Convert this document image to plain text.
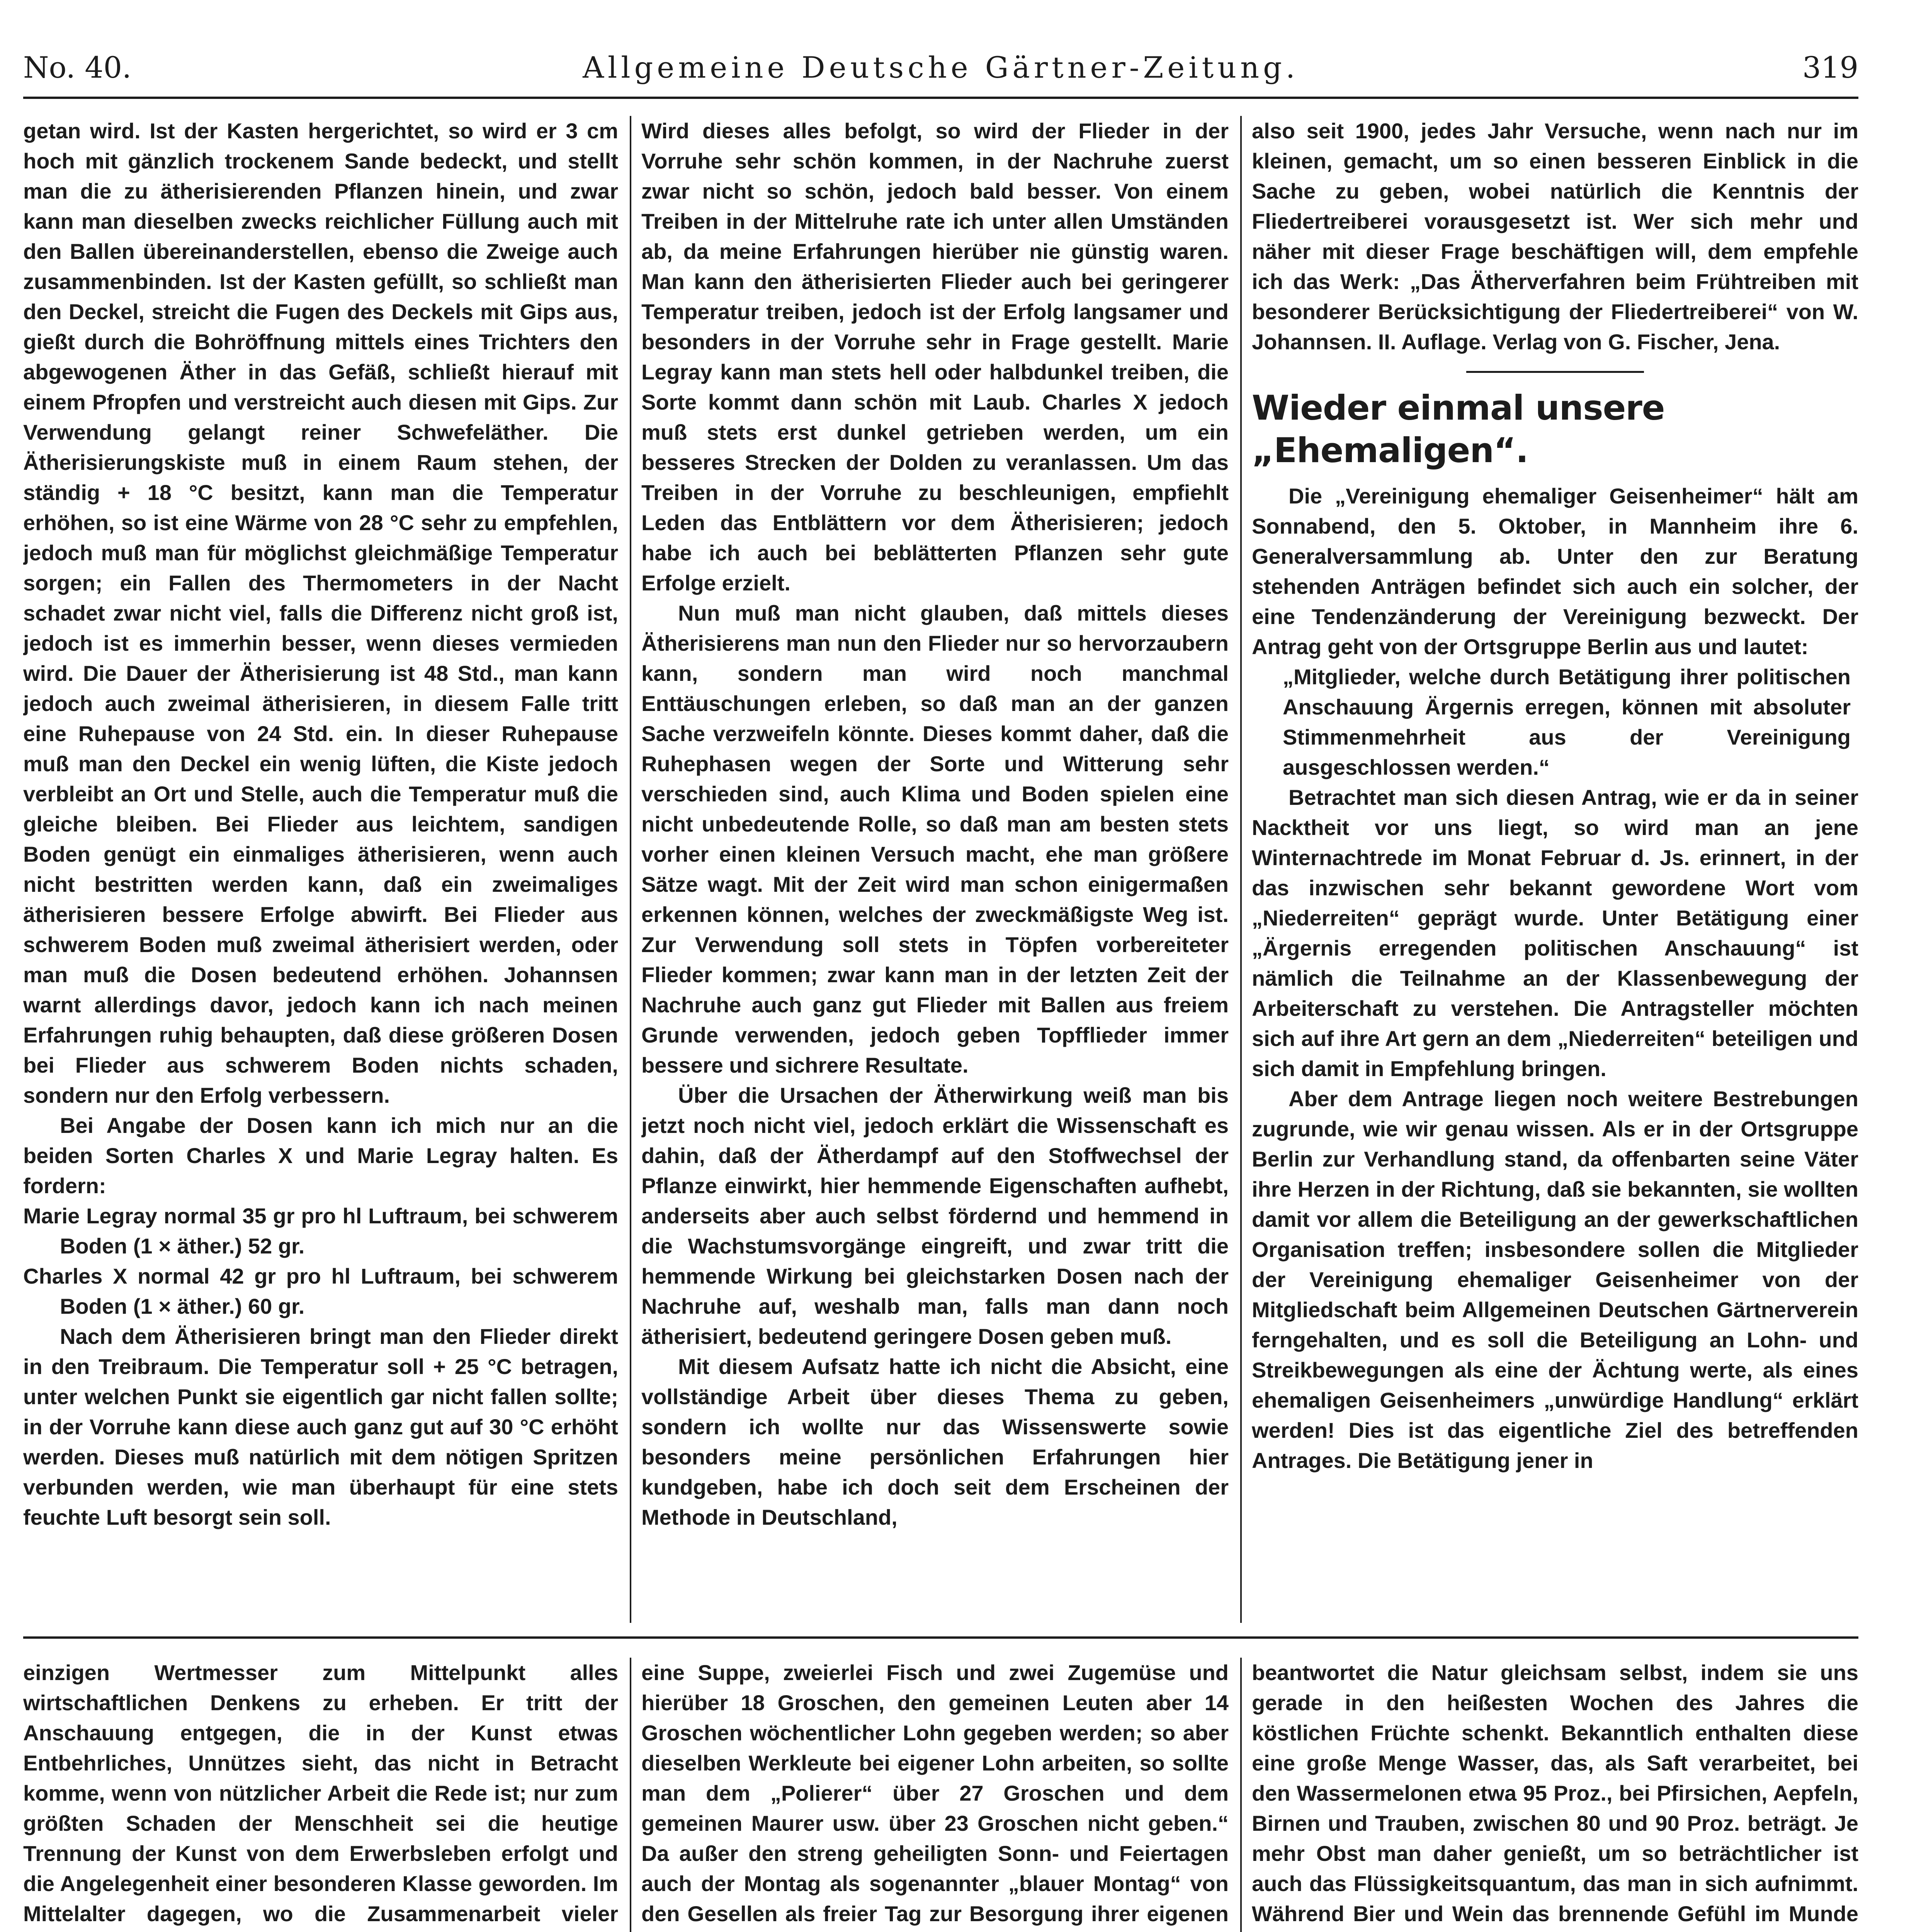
No. 40.	Allgemeine Deutsche Gärtner-Zeitung.	319

getan wird. Ist der Kasten hergerichtet, so wird er 3 cm hoch mit gänzlich trockenem Sande bedeckt, und stellt man die zu ätherisierenden Pflanzen hinein, und zwar kann man dieselben zwecks reichlicher Füllung auch mit den Ballen übereinanderstellen, ebenso die Zweige auch zusammenbinden. Ist der Kasten gefüllt, so schließt man den Deckel, streicht die Fugen des Deckels mit Gips aus, gießt durch die Bohröffnung mittels eines Trichters den abgewogenen Äther in das Gefäß, schließt hierauf mit einem Pfropfen und verstreicht auch diesen mit Gips. Zur Verwendung gelangt reiner Schwefeläther. Die Ätherisierungskiste muß in einem Raum stehen, der ständig + 18 °C besitzt, kann man die Temperatur erhöhen, so ist eine Wärme von 28 °C sehr zu empfehlen, jedoch muß man für möglichst gleichmäßige Temperatur sorgen; ein Fallen des Thermometers in der Nacht schadet zwar nicht viel, falls die Differenz nicht groß ist, jedoch ist es immerhin besser, wenn dieses vermieden wird. Die Dauer der Ätherisierung ist 48 Std., man kann jedoch auch zweimal ätherisieren, in diesem Falle tritt eine Ruhepause von 24 Std. ein. In dieser Ruhepause muß man den Deckel ein wenig lüften, die Kiste jedoch verbleibt an Ort und Stelle, auch die Temperatur muß die gleiche bleiben. Bei Flieder aus leichtem, sandigen Boden genügt ein einmaliges ätherisieren, wenn auch nicht bestritten werden kann, daß ein zweimaliges ätherisieren bessere Erfolge abwirft. Bei Flieder aus schwerem Boden muß zweimal ätherisiert werden, oder man muß die Dosen bedeutend erhöhen. Johannsen warnt allerdings davor, jedoch kann ich nach meinen Erfahrungen ruhig behaupten, daß diese größeren Dosen bei Flieder aus schwerem Boden nichts schaden, sondern nur den Erfolg verbessern.

Bei Angabe der Dosen kann ich mich nur an die beiden Sorten Charles X und Marie Legray halten. Es fordern:

Marie Legray normal 35 gr pro hl Luftraum, bei schwerem Boden (1 × äther.) 52 gr.

Charles X normal 42 gr pro hl Luftraum, bei schwerem Boden (1 × äther.) 60 gr.

Nach dem Ätherisieren bringt man den Flieder direkt in den Treibraum. Die Temperatur soll + 25 °C betragen, unter welchen Punkt sie eigentlich gar nicht fallen sollte; in der Vorruhe kann diese auch ganz gut auf 30 °C erhöht werden. Dieses muß natürlich mit dem nötigen Spritzen verbunden werden, wie man überhaupt für eine stets feuchte Luft besorgt sein soll.

Wird dieses alles befolgt, so wird der Flieder in der Vorruhe sehr schön kommen, in der Nachruhe zuerst zwar nicht so schön, jedoch bald besser. Von einem Treiben in der Mittelruhe rate ich unter allen Umständen ab, da meine Erfahrungen hierüber nie günstig waren. Man kann den ätherisierten Flieder auch bei geringerer Temperatur treiben, jedoch ist der Erfolg langsamer und besonders in der Vorruhe sehr in Frage gestellt. Marie Legray kann man stets hell oder halbdunkel treiben, die Sorte kommt dann schön mit Laub. Charles X jedoch muß stets erst dunkel getrieben werden, um ein besseres Strecken der Dolden zu veranlassen. Um das Treiben in der Vorruhe zu beschleunigen, empfiehlt Leden das Entblättern vor dem Ätherisieren; jedoch habe ich auch bei beblätterten Pflanzen sehr gute Erfolge erzielt.

Nun muß man nicht glauben, daß mittels dieses Ätherisierens man nun den Flieder nur so hervorzaubern kann, sondern man wird noch manchmal Enttäuschungen erleben, so daß man an der ganzen Sache verzweifeln könnte. Dieses kommt daher, daß die Ruhephasen wegen der Sorte und Witterung sehr verschieden sind, auch Klima und Boden spielen eine nicht unbedeutende Rolle, so daß man am besten stets vorher einen kleinen Versuch macht, ehe man größere Sätze wagt. Mit der Zeit wird man schon einigermaßen erkennen können, welches der zweckmäßigste Weg ist. Zur Verwendung soll stets in Töpfen vorbereiteter Flieder kommen; zwar kann man in der letzten Zeit der Nachruhe auch ganz gut Flieder mit Ballen aus freiem Grunde verwenden, jedoch geben Topfflieder immer bessere und sichrere Resultate.

Über die Ursachen der Ätherwirkung weiß man bis jetzt noch nicht viel, jedoch erklärt die Wissenschaft es dahin, daß der Ätherdampf auf den Stoffwechsel der Pflanze einwirkt, hier hemmende Eigenschaften aufhebt, anderseits aber auch selbst fördernd und hemmend in die Wachstumsvorgänge eingreift, und zwar tritt die hemmende Wirkung bei gleichstarken Dosen nach der Nachruhe auf, weshalb man, falls man dann noch ätherisiert, bedeutend geringere Dosen geben muß.

Mit diesem Aufsatz hatte ich nicht die Absicht, eine vollständige Arbeit über dieses Thema zu geben, sondern ich wollte nur das Wissenswerte sowie besonders meine persönlichen Erfahrungen hier kundgeben, habe ich doch seit dem Erscheinen der Methode in Deutschland,

also seit 1900, jedes Jahr Versuche, wenn nach nur im kleinen, gemacht, um so einen besseren Einblick in die Sache zu geben, wobei natürlich die Kenntnis der Fliedertreiberei vorausgesetzt ist. Wer sich mehr und näher mit dieser Frage beschäftigen will, dem empfehle ich das Werk: „Das Ätherverfahren beim Frühtreiben mit besonderer Berücksichtigung der Fliedertreiberei“ von W. Johannsen. II. Auflage. Verlag von G. Fischer, Jena.

Wieder einmal unsere „Ehemaligen“.

Die „Vereinigung ehemaliger Geisenheimer“ hält am Sonnabend, den 5. Oktober, in Mannheim ihre 6. Generalversammlung ab. Unter den zur Beratung stehenden Anträgen befindet sich auch ein solcher, der eine Tendenzänderung der Vereinigung bezweckt. Der Antrag geht von der Ortsgruppe Berlin aus und lautet:

„Mitglieder, welche durch Betätigung ihrer politischen Anschauung Ärgernis erregen, können mit absoluter Stimmenmehrheit aus der Vereinigung ausgeschlossen werden.“

Betrachtet man sich diesen Antrag, wie er da in seiner Nacktheit vor uns liegt, so wird man an jene Winternachtrede im Monat Februar d. Js. erinnert, in der das inzwischen sehr bekannt gewordene Wort vom „Niederreiten“ geprägt wurde. Unter Betätigung einer „Ärgernis erregenden politischen Anschauung“ ist nämlich die Teilnahme an der Klassenbewegung der Arbeiterschaft zu verstehen. Die Antragsteller möchten sich auf ihre Art gern an dem „Niederreiten“ beteiligen und sich damit in Empfehlung bringen.

Aber dem Antrage liegen noch weitere Bestrebungen zugrunde, wie wir genau wissen. Als er in der Ortsgruppe Berlin zur Verhandlung stand, da offenbarten seine Väter ihre Herzen in der Richtung, daß sie bekannten, sie wollten damit vor allem die Beteiligung an der gewerkschaftlichen Organisation treffen; insbesondere sollen die Mitglieder der Vereinigung ehemaliger Geisenheimer von der Mitgliedschaft beim Allgemeinen Deutschen Gärtnerverein ferngehalten, und es soll die Beteiligung an Lohn- und Streikbewegungen als eine der Ächtung werte, als eines ehemaligen Geisenheimers „unwürdige Handlung“ erklärt werden! Dies ist das eigentliche Ziel des betreffenden Antrages. Die Betätigung jener in

einzigen Wertmesser zum Mittelpunkt alles wirtschaftlichen Denkens zu erheben. Er tritt der Anschauung entgegen, die in der Kunst etwas Entbehrliches, Unnützes sieht, das nicht in Betracht komme, wenn von nützlicher Arbeit die Rede ist; nur zum größten Schaden der Menschheit sei die heutige Trennung der Kunst von dem Erwerbsleben erfolgt und die Angelegenheit einer besonderen Klasse geworden. Im Mittelalter dagegen, wo die Zusammenarbeit vieler

eine Suppe, zweierlei Fisch und zwei Zugemüse und hierüber 18 Groschen, den gemeinen Leuten aber 14 Groschen wöchentlicher Lohn gegeben werden; so aber dieselben Werkleute bei eigener Lohn arbeiten, so sollte man dem „Polierer“ über 27 Groschen und dem gemeinen Maurer usw. über 23 Groschen nicht geben.“ Da außer den streng geheiligten Sonn- und Feiertagen auch der Montag als sogenannter „blauer Montag“ von den Gesellen als freier Tag zur Besorgung ihrer eigenen

beantwortet die Natur gleichsam selbst, indem sie uns gerade in den heißesten Wochen des Jahres die köstlichen Früchte schenkt. Bekanntlich enthalten diese eine große Menge Wasser, das, als Saft verarbeitet, bei den Wassermelonen etwa 95 Proz., bei Pfirsichen, Aepfeln, Birnen und Trauben, zwischen 80 und 90 Proz. beträgt. Je mehr Obst man daher genießt, um so beträchtlicher ist auch das Flüssigkeitsquantum, das man in sich aufnimmt. Während Bier und Wein das brennende Gefühl im Munde
